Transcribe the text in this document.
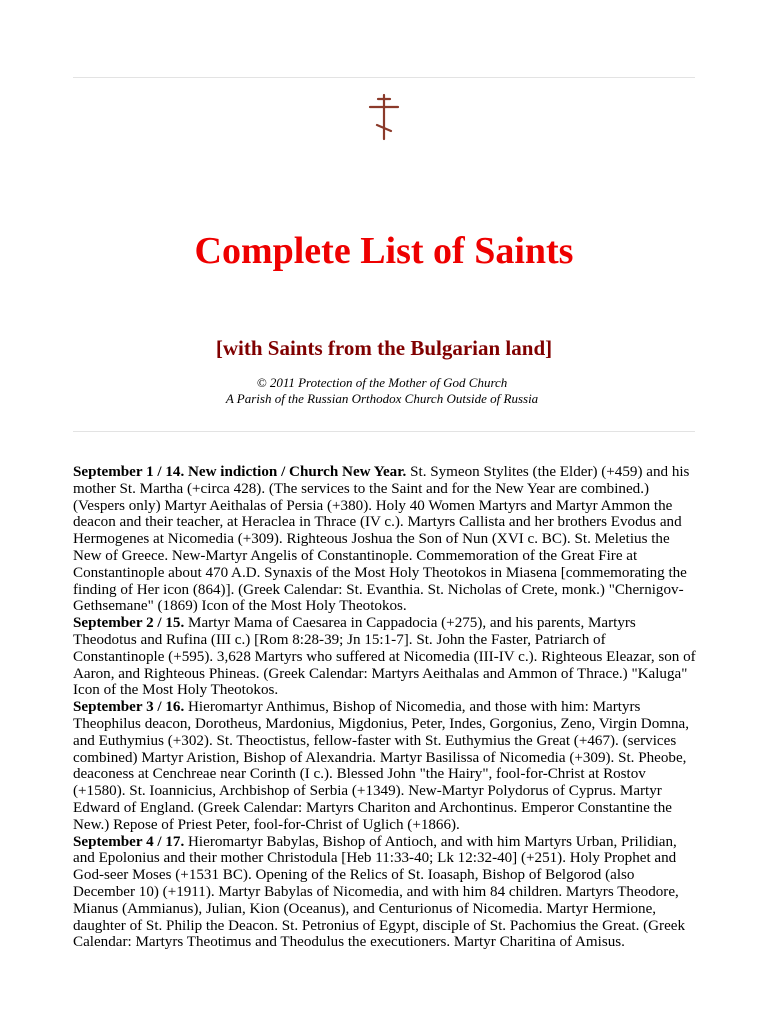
Complete List of Saints
[with Saints from the Bulgarian land]
© 2011 Protection of the Mother of God Church
A Parish of the Russian Orthodox Church Outside of Russia

September 1 / 14. New indiction / Church New Year. St. Symeon Stylites (the Elder) (+459) and his mother St. Martha (+circa 428). (The services to the Saint and for the New Year are combined.) (Vespers only) Martyr Aeithalas of Persia (+380). Holy 40 Women Martyrs and Martyr Ammon the deacon and their teacher, at Heraclea in Thrace (IV c.). Martyrs Callista and her brothers Evodus and Hermogenes at Nicomedia (+309). Righteous Joshua the Son of Nun (XVI c. BC). St. Meletius the New of Greece. New-Martyr Angelis of Constantinople. Commemoration of the Great Fire at Constantinople about 470 A.D. Synaxis of the Most Holy Theotokos in Miasena [commemorating the finding of Her icon (864)]. (Greek Calendar: St. Evanthia. St. Nicholas of Crete, monk.) "Chernigov-Gethsemane" (1869) Icon of the Most Holy Theotokos.

September 2 / 15. Martyr Mama of Caesarea in Cappadocia (+275), and his parents, Martyrs Theodotus and Rufina (III c.) [Rom 8:28-39; Jn 15:1-7]. St. John the Faster, Patriarch of Constantinople (+595). 3,628 Martyrs who suffered at Nicomedia (III-IV c.). Righteous Eleazar, son of Aaron, and Righteous Phineas. (Greek Calendar: Martyrs Aeithalas and Ammon of Thrace.) "Kaluga" Icon of the Most Holy Theotokos.

September 3 / 16. Hieromartyr Anthimus, Bishop of Nicomedia, and those with him: Martyrs Theophilus deacon, Dorotheus, Mardonius, Migdonius, Peter, Indes, Gorgonius, Zeno, Virgin Domna, and Euthymius (+302). St. Theoctistus, fellow-faster with St. Euthymius the Great (+467). (services combined) Martyr Aristion, Bishop of Alexandria. Martyr Basilissa of Nicomedia (+309). St. Pheobe, deaconess at Cenchreae near Corinth (I c.). Blessed John "the Hairy", fool-for-Christ at Rostov (+1580). St. Ioannicius, Archbishop of Serbia (+1349). New-Martyr Polydorus of Cyprus. Martyr Edward of England. (Greek Calendar: Martyrs Chariton and Archontinus. Emperor Constantine the New.) Repose of Priest Peter, fool-for-Christ of Uglich (+1866).

September 4 / 17. Hieromartyr Babylas, Bishop of Antioch, and with him Martyrs Urban, Prilidian, and Epolonius and their mother Christodula [Heb 11:33-40; Lk 12:32-40] (+251). Holy Prophet and God-seer Moses (+1531 BC). Opening of the Relics of St. Ioasaph, Bishop of Belgorod (also December 10) (+1911). Martyr Babylas of Nicomedia, and with him 84 children. Martyrs Theodore, Mianus (Ammianus), Julian, Kion (Oceanus), and Centurionus of Nicomedia. Martyr Hermione, daughter of St. Philip the Deacon. St. Petronius of Egypt, disciple of St. Pachomius the Great. (Greek Calendar: Martyrs Theotimus and Theodulus the executioners. Martyr Charitina of Amisus.
